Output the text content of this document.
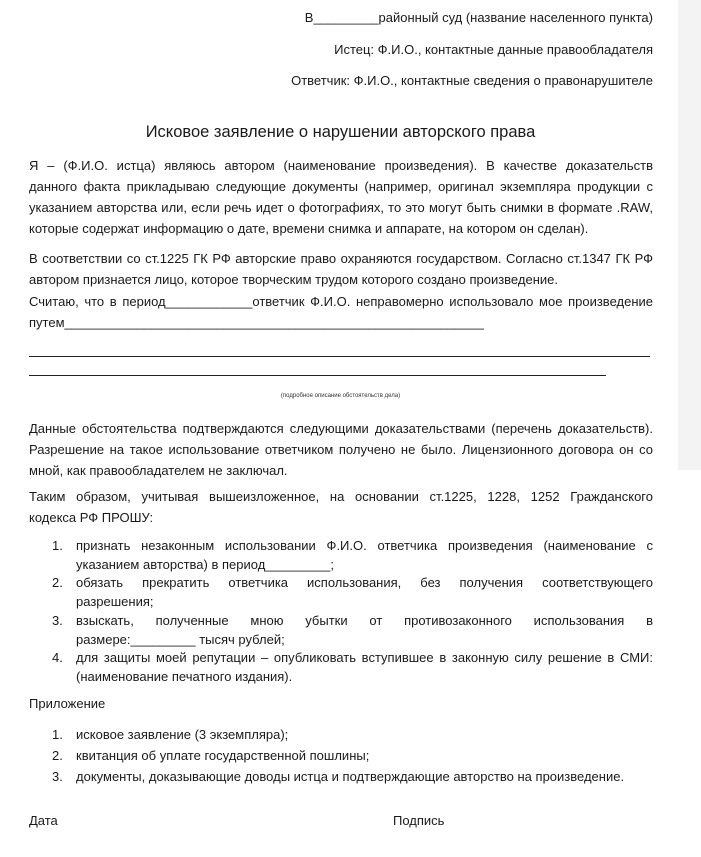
В_________районный суд (название населенного пункта)
Истец: Ф.И.О., контактные данные правообладателя
Ответчик: Ф.И.О., контактные сведения о правонарушителе
Исковое заявление о нарушении авторского права
Я – (Ф.И.О. истца) являюсь автором (наименование произведения). В качестве доказательств
данного факта прикладываю следующие документы (например, оригинал экземпляра продукции с
указанием авторства или, если речь идет о фотографиях, то это могут быть снимки в формате .RAW,
которые содержат информацию о дате, времени снимка и аппарате, на котором он сделан).
В соответствии со ст.1225 ГК РФ авторские право охраняются государством. Согласно ст.1347 ГК РФ
автором признается лицо, которое творческим трудом которого создано произведение.
Считаю, что в период____________ответчик Ф.И.О. неправомерно использовало мое произведение
путем__________________________________________________________
(подробное описание обстоятельств дела)
Данные обстоятельства подтверждаются следующими доказательствами (перечень доказательств).
Разрешение на такое использование ответчиком получено не было. Лицензионного договора он со
мной, как правообладателем не заключал.
Таким образом, учитывая вышеизложенное, на основании ст.1225, 1228, 1252 Гражданского
кодекса РФ ПРОШУ:
1. признать незаконным использовании Ф.И.О. ответчика произведения (наименование с
указанием авторства) в период_________;
2. обязать прекратить ответчика использования, без получения соответствующего
разрешения;
3. взыскать, полученные мною убытки от противозаконного использования в
размере:_________ тысяч рублей;
4. для защиты моей репутации – опубликовать вступившее в законную силу решение в СМИ:
(наименование печатного издания).
Приложение
1. исковое заявление (3 экземпляра);
2. квитанция об уплате государственной пошлины;
3. документы, доказывающие доводы истца и подтверждающие авторство на произведение.
Дата	Подпись
